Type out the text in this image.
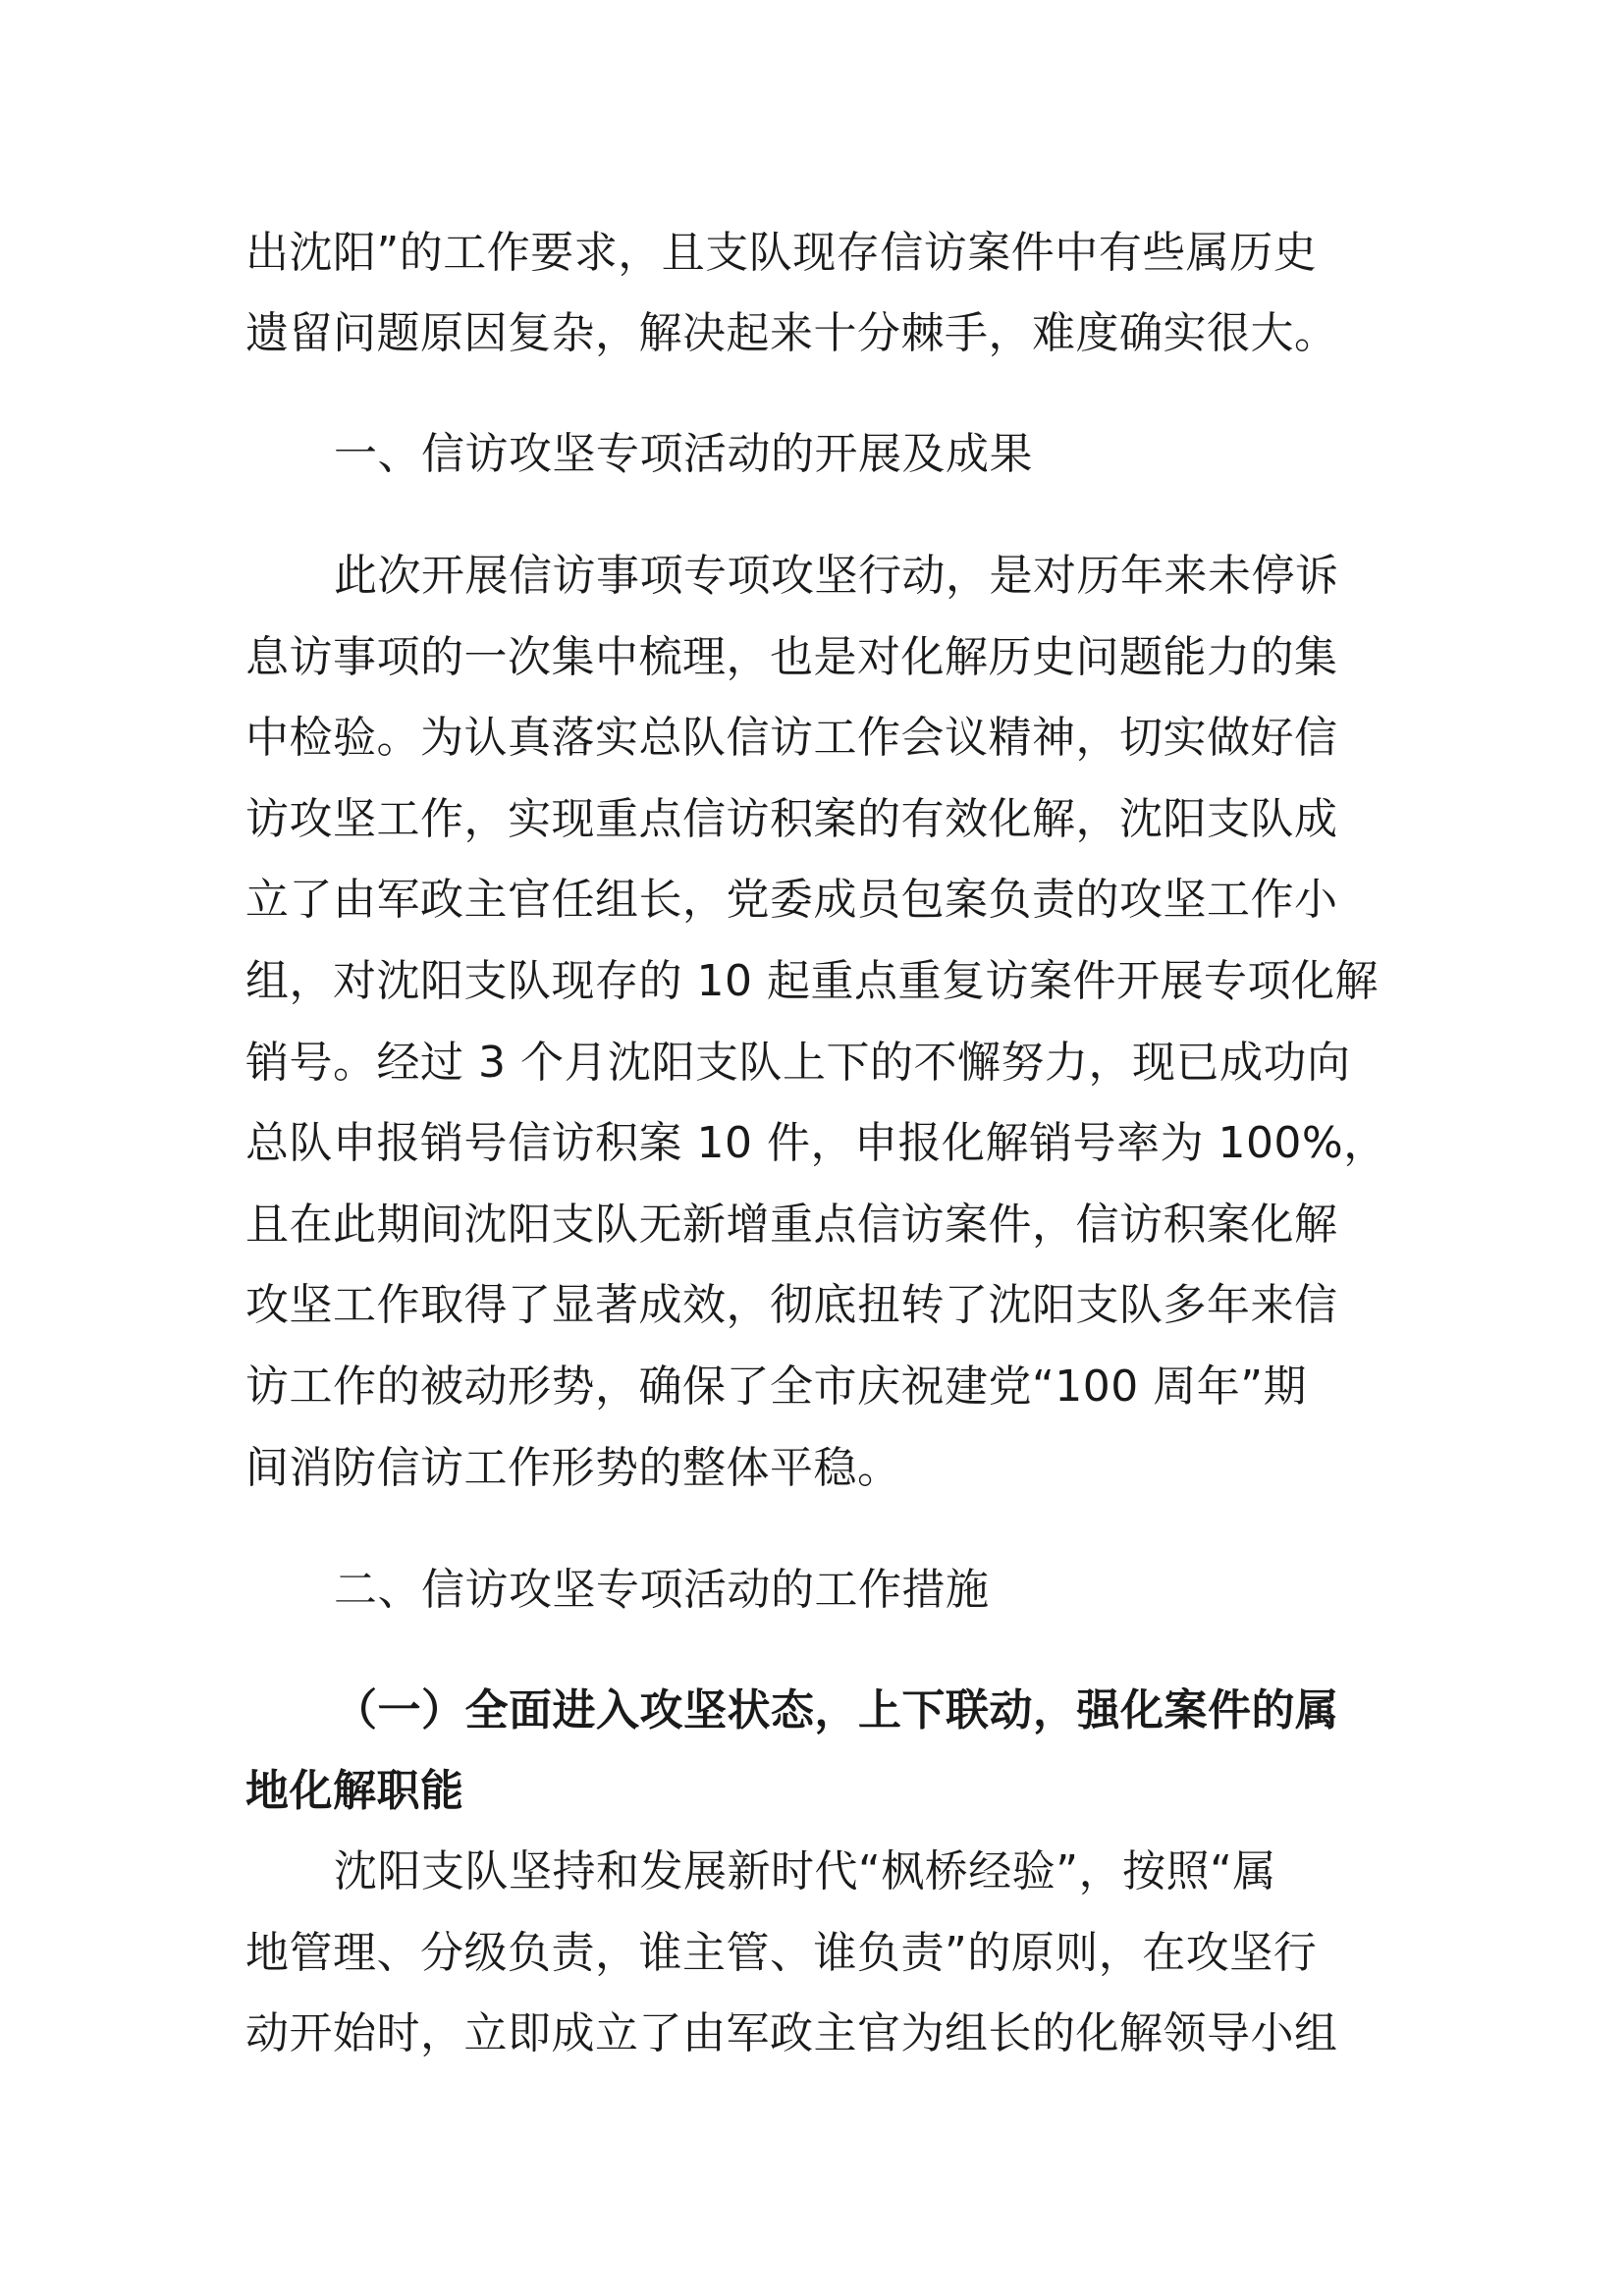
出沈阳”的工作要求，且支队现存信访案件中有些属历史
遗留问题原因复杂，解决起来十分棘手，难度确实很大。
一、信访攻坚专项活动的开展及成果
此次开展信访事项专项攻坚行动，是对历年来未停诉
息访事项的一次集中梳理，也是对化解历史问题能力的集
中检验。为认真落实总队信访工作会议精神，切实做好信
访攻坚工作，实现重点信访积案的有效化解，沈阳支队成
立了由军政主官任组长，党委成员包案负责的攻坚工作小
组，对沈阳支队现存的 10 起重点重复访案件开展专项化解
销号。经过 3 个月沈阳支队上下的不懈努力，现已成功向
总队申报销号信访积案 10 件，申报化解销号率为 100%，
且在此期间沈阳支队无新增重点信访案件，信访积案化解
攻坚工作取得了显著成效，彻底扭转了沈阳支队多年来信
访工作的被动形势，确保了全市庆祝建党“100 周年”期
间消防信访工作形势的整体平稳。
二、信访攻坚专项活动的工作措施
（一）全面进入攻坚状态，上下联动，强化案件的属
地化解职能
沈阳支队坚持和发展新时代“枫桥经验”，按照“属
地管理、分级负责，谁主管、谁负责”的原则，在攻坚行
动开始时，立即成立了由军政主官为组长的化解领导小组
